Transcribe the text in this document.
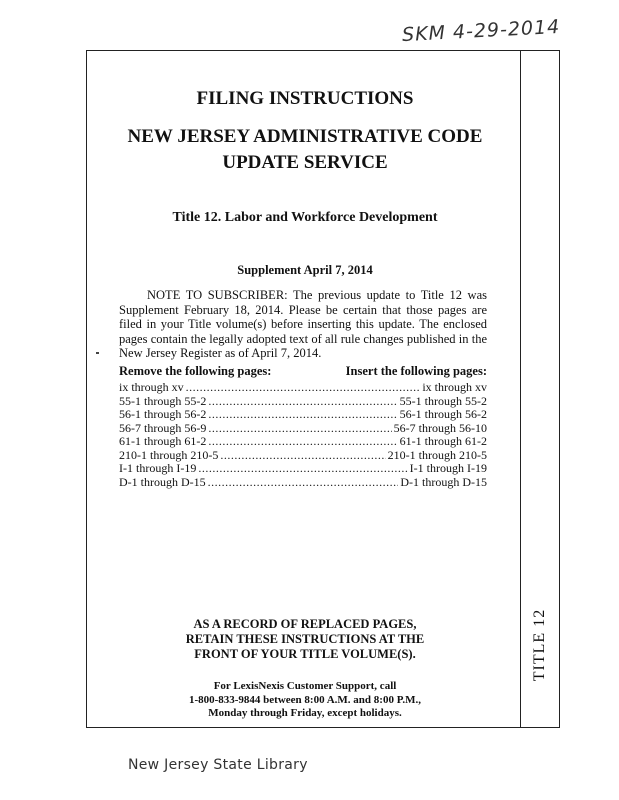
SKM 4-29-2014
TITLE 12
FILING INSTRUCTIONS
NEW JERSEY ADMINISTRATIVE CODE
UPDATE SERVICE
Title 12. Labor and Workforce Development
Supplement April 7, 2014

NOTE TO SUBSCRIBER: The previous update to Title 12 was Supplement February 18, 2014. Please be certain that those pages are filed in your Title volume(s) before inserting this update. The enclosed pages contain the legally adopted text of all rule changes published in the New Jersey Register as of April 7, 2014.

Remove the following pages:	Insert the following pages:
ix through xv .....	ix through xv
55-1 through 55-2 .....	55-1 through 55-2
56-1 through 56-2 .....	56-1 through 56-2
56-7 through 56-9 .....	56-7 through 56-10
61-1 through 61-2 .....	61-1 through 61-2
210-1 through 210-5 .....	210-1 through 210-5
I-1 through I-19 .....	I-1 through I-19
D-1 through D-15 .....	D-1 through D-15
AS A RECORD OF REPLACED PAGES,
RETAIN THESE INSTRUCTIONS AT THE
FRONT OF YOUR TITLE VOLUME(S).
For LexisNexis Customer Support, call
1-800-833-9844 between 8:00 A.M. and 8:00 P.M.,
Monday through Friday, except holidays.
New Jersey State Library
